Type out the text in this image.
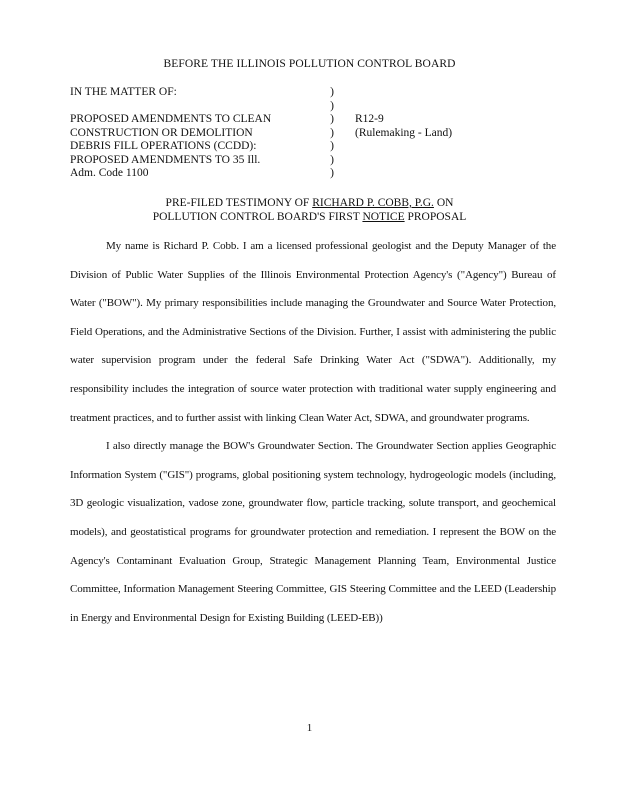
BEFORE THE ILLINOIS POLLUTION CONTROL BOARD
IN THE MATTER OF:
PROPOSED AMENDMENTS TO CLEAN
CONSTRUCTION OR DEMOLITION
DEBRIS FILL OPERATIONS (CCDD):
PROPOSED AMENDMENTS TO 35 Ill.
Adm. Code 1100
)
)
)
)
)
)
)
R12-9
(Rulemaking - Land)
PRE-FILED TESTIMONY OF RICHARD P. COBB, P.G. ON
POLLUTION CONTROL BOARD'S FIRST NOTICE PROPOSAL

My name is Richard P. Cobb. I am a licensed professional geologist and the Deputy Manager of the Division of Public Water Supplies of the Illinois Environmental Protection Agency's ("Agency") Bureau of Water ("BOW"). My primary responsibilities include managing the Groundwater and Source Water Protection, Field Operations, and the Administrative Sections of the Division. Further, I assist with administering the public water supervision program under the federal Safe Drinking Water Act ("SDWA"). Additionally, my responsibility includes the integration of source water protection with traditional water supply engineering and treatment practices, and to further assist with linking Clean Water Act, SDWA, and groundwater programs.

I also directly manage the BOW's Groundwater Section. The Groundwater Section applies Geographic Information System ("GIS") programs, global positioning system technology, hydrogeologic models (including, 3D geologic visualization, vadose zone, groundwater flow, particle tracking, solute transport, and geochemical models), and geostatistical programs for groundwater protection and remediation. I represent the BOW on the Agency's Contaminant Evaluation Group, Strategic Management Planning Team, Environmental Justice Committee, Information Management Steering Committee, GIS Steering Committee and the LEED (Leadership in Energy and Environmental Design for Existing Building (LEED-EB))

1
